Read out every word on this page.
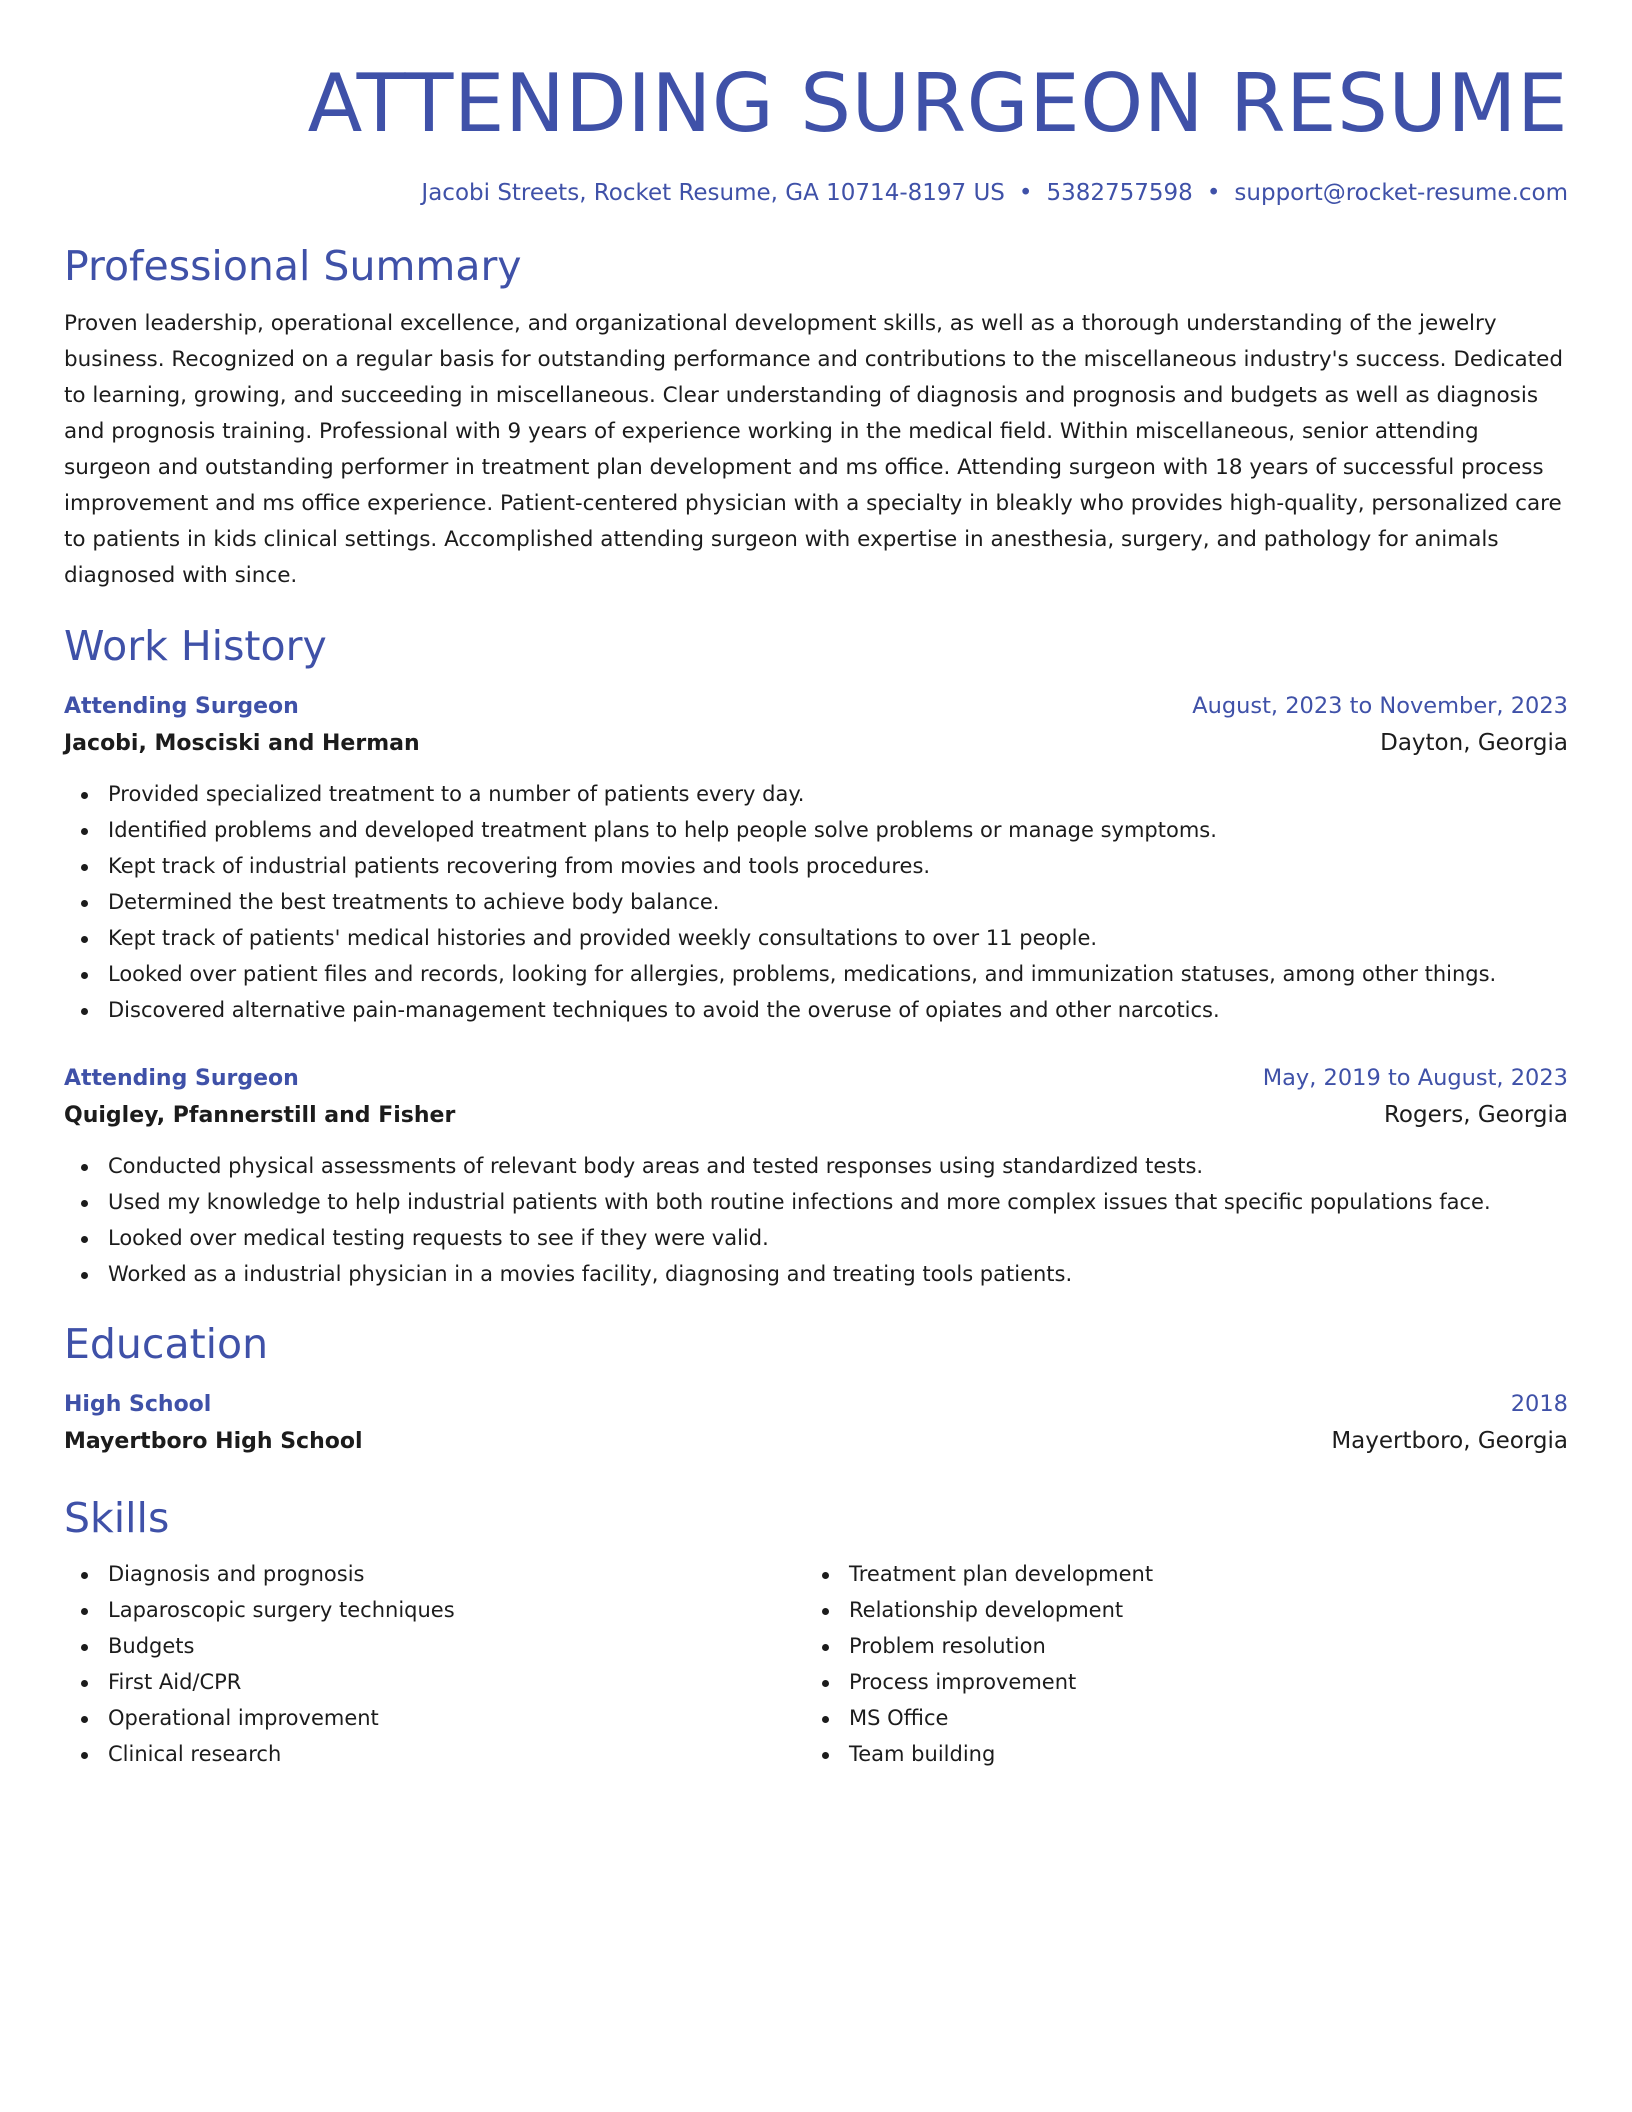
ATTENDING SURGEON RESUME
Jacobi Streets, Rocket Resume, GA 10714-8197 US • 5382757598 • support@rocket-resume.com
Professional Summary
Proven leadership, operational excellence, and organizational development skills, as well as a thorough understanding of the jewelry business. Recognized on a regular basis for outstanding performance and contributions to the miscellaneous industry's success. Dedicated to learning, growing, and succeeding in miscellaneous. Clear understanding of diagnosis and prognosis and budgets as well as diagnosis and prognosis training. Professional with 9 years of experience working in the medical field. Within miscellaneous, senior attending surgeon and outstanding performer in treatment plan development and ms office. Attending surgeon with 18 years of successful process improvement and ms office experience. Patient-centered physician with a specialty in bleakly who provides high-quality, personalized care to patients in kids clinical settings. Accomplished attending surgeon with expertise in anesthesia, surgery, and pathology for animals diagnosed with since.
Work History
Attending Surgeon	August, 2023 to November, 2023
Jacobi, Mosciski and Herman	Dayton, Georgia
Provided specialized treatment to a number of patients every day.
Identified problems and developed treatment plans to help people solve problems or manage symptoms.
Kept track of industrial patients recovering from movies and tools procedures.
Determined the best treatments to achieve body balance.
Kept track of patients' medical histories and provided weekly consultations to over 11 people.
Looked over patient files and records, looking for allergies, problems, medications, and immunization statuses, among other things.
Discovered alternative pain-management techniques to avoid the overuse of opiates and other narcotics.
Attending Surgeon	May, 2019 to August, 2023
Quigley, Pfannerstill and Fisher	Rogers, Georgia
Conducted physical assessments of relevant body areas and tested responses using standardized tests.
Used my knowledge to help industrial patients with both routine infections and more complex issues that specific populations face.
Looked over medical testing requests to see if they were valid.
Worked as a industrial physician in a movies facility, diagnosing and treating tools patients.
Education
High School	2018
Mayertboro High School	Mayertboro, Georgia
Skills
Diagnosis and prognosis
Laparoscopic surgery techniques
Budgets
First Aid/CPR
Operational improvement
Clinical research
Treatment plan development
Relationship development
Problem resolution
Process improvement
MS Office
Team building
